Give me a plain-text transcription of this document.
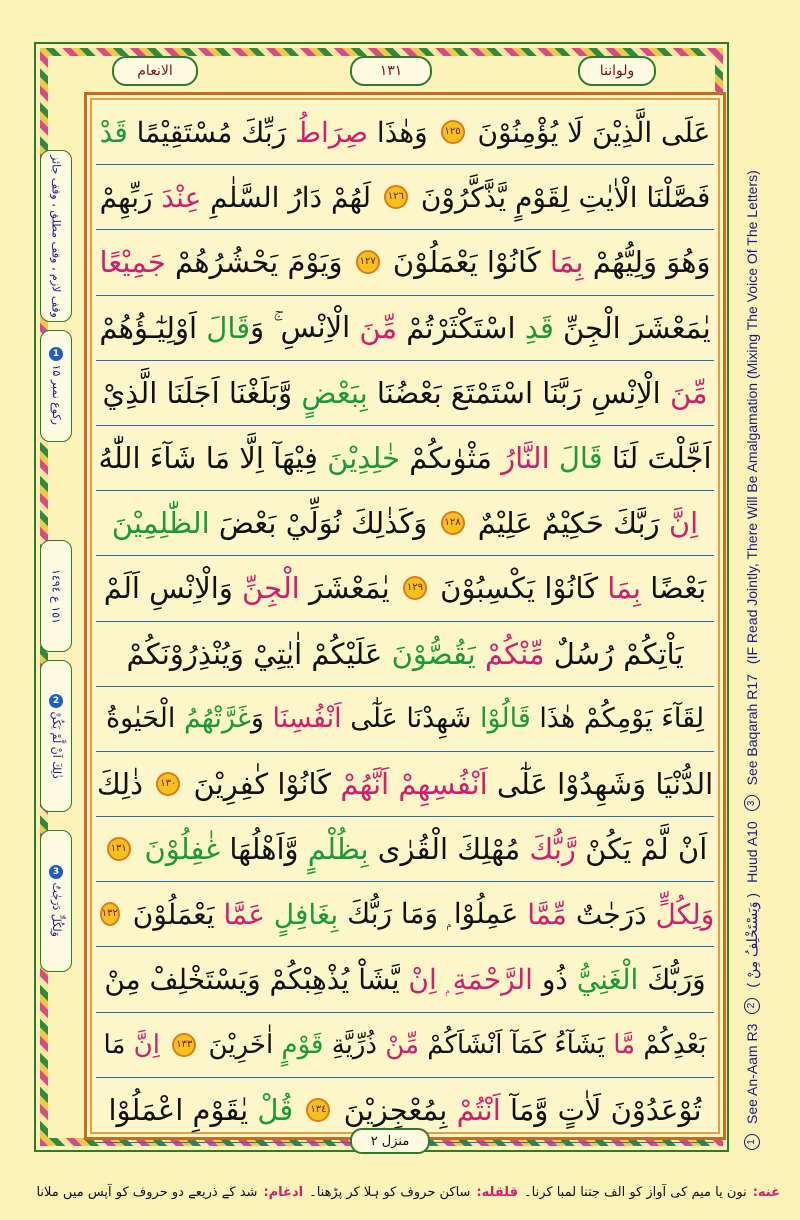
الانعام	١٣١	ولواننا
عَلَى الَّذِيْنَ لَا يُؤْمِنُوْنَ
١٢٥
وَهٰذَا
صِرَاطُ
رَبِّكَ مُسْتَقِيْمًا
قَدْ
فَصَّلْنَا
الْاٰيٰتِ لِقَوْمٍ يَّذَّكَّرُوْنَ
١٢٦
لَهُمْ دَارُ السَّلٰمِ
عِنْدَ
رَبِّهِمْ
وَهُوَ وَلِيُّهُمْ
بِمَا
كَانُوْا يَعْمَلُوْنَ
١٢٧
وَيَوْمَ يَحْشُرُهُمْ
جَمِيْعًا
يٰمَعْشَرَ الْجِنِّ
قَدِ
اسْتَكْثَرْتُمْ
مِّنَ
الْاِنْسِ ۚ وَ
قَالَ
اَوْلِيٰٓـؤُهُمْ
مِّنَ
الْاِنْسِ رَبَّنَا اسْتَمْتَعَ بَعْضُنَا
بِبَعْضٍ
وَّبَلَغْنَا اَجَلَنَا الَّذِيْ
اَجَّلْتَ لَنَا
قَالَ
النَّارُ
مَثْوٰىكُمْ
خٰلِدِيْنَ
فِيْهَآ اِلَّا مَا شَآءَ اللّٰهُ
اِنَّ
رَبَّكَ حَكِيْمٌ عَلِيْمٌ
١٢٨
وَكَذٰلِكَ نُوَلِّيْ بَعْضَ
الظّٰلِمِيْنَ
بَعْضًا
بِمَا
كَانُوْا يَكْسِبُوْنَ
١٢٩
يٰمَعْشَرَ
الْجِنِّ
وَالْاِنْسِ اَلَمْ
يَاْتِكُمْ رُسُلٌ
مِّنْكُمْ
يَقُصُّوْنَ
عَلَيْكُمْ اٰيٰتِيْ وَيُنْذِرُوْنَكُمْ
لِقَآءَ
يَوْمِكُمْ هٰذَا
قَالُوْا
شَهِدْنَا عَلٰٓى
اَنْفُسِنَا
وَ
غَرَّتْهُمُ
الْحَيٰوةُ
الدُّنْيَا وَشَهِدُوْا عَلٰٓى
اَنْفُسِهِمْ
اَنَّهُمْ
كَانُوْا كٰفِرِيْنَ
١٣٠
ذٰلِكَ
اَنْ لَّمْ يَكُنْ
رَّبُّكَ
مُهْلِكَ الْقُرٰى
بِظُلْمٍ
وَّاَهْلُهَا
غٰفِلُوْنَ

١٣١
وَلِكُلٍّ
دَرَجٰتٌ
مِّمَّا
عَمِلُوْا ۭ وَمَا رَبُّكَ
بِغَافِلٍ
عَمَّا
يَعْمَلُوْنَ
١٣٢
وَرَبُّكَ
الْغَنِيُّ
ذُو
الرَّحْمَةِ
ۭ اِنْ
يَّشَاْ يُذْهِبْكُمْ وَيَسْتَخْلِفْ مِنْ
بَعْدِكُمْ
مَّا
يَشَآءُ كَمَآ اَنْشَاَكُمْ
مِّنْ
ذُرِّيَّةِ
قَوْمٍ
اٰخَرِيْنَ
١٣٣
اِنَّ
مَا
تُوْعَدُوْنَ لَاٰتٍ
وَّمَآ
اَنْتُمْ
بِمُعْجِزِيْنَ
١٣٤
قُلْ
يٰقَوْمِ اعْمَلُوْا
1
See An-Aam R3
2
( وَيَسْتَخْلِفُ مِنْ )
Huud A10
3
See Baqarah R17
(IF Read Jointly, There Will Be Amalgamation (Mixing The Voice Of The Letters)
وقف لازم ، وقف مطلق ، وقف جائز
1 رکوع نمبر ۱۵
١٥١ ع ١٤٩٤
2 ذٰلِكَ اَنْ لَّمْ يَكُنْ
3 وَلِكُلٍّ دَرَجٰتٌ
منزل ٢
غنه:
نون یا میم کی آواز کو الف جتنا لمبا کرنا۔
قلقله:
ساکن حروف کو ہلا کر پڑھنا۔
ادغام:
شد کے ذریعے دو حروف کو آپس میں ملانا
